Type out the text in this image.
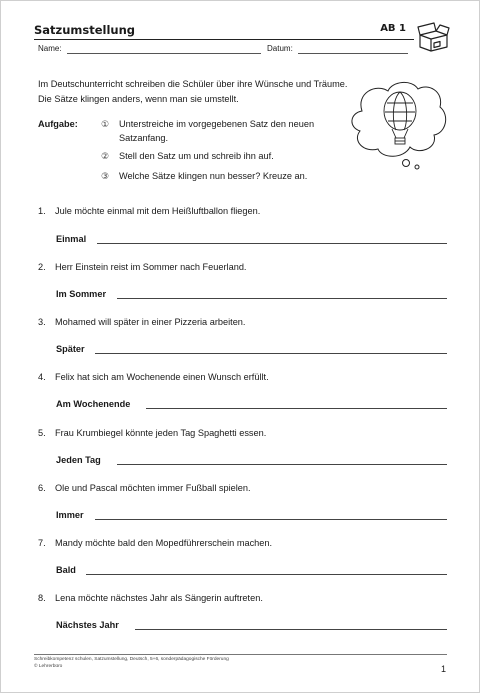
Satzumstellung	AB 1
Name:	Datum:
Im Deutschunterricht schreiben die Schüler über ihre Wünsche und Träume. Die Sätze klingen anders, wenn man sie umstellt.
Aufgabe:	① Unterstreiche im vorgegebenen Satz den neuen Satzanfang.
② Stell den Satz um und schreib ihn auf.
③ Welche Sätze klingen nun besser? Kreuze an.
1. Jule möchte einmal mit dem Heißluftballon fliegen.
Einmal
2. Herr Einstein reist im Sommer nach Feuerland.
Im Sommer
3. Mohamed will später in einer Pizzeria arbeiten.
Später
4. Felix hat sich am Wochenende einen Wunsch erfüllt.
Am Wochenende
5. Frau Krumbiegel könnte jeden Tag Spaghetti essen.
Jeden Tag
6. Ole und Pascal möchten immer Fußball spielen.
Immer
7. Mandy möchte bald den Mopedführerschein machen.
Bald
8. Lena möchte nächstes Jahr als Sängerin auftreten.
Nächstes Jahr
Schreibkompetenz schulen, Satzumstellung, Deutsch, 5+6, sonderpädagogische Förderung
© Lehrerbüro	1
